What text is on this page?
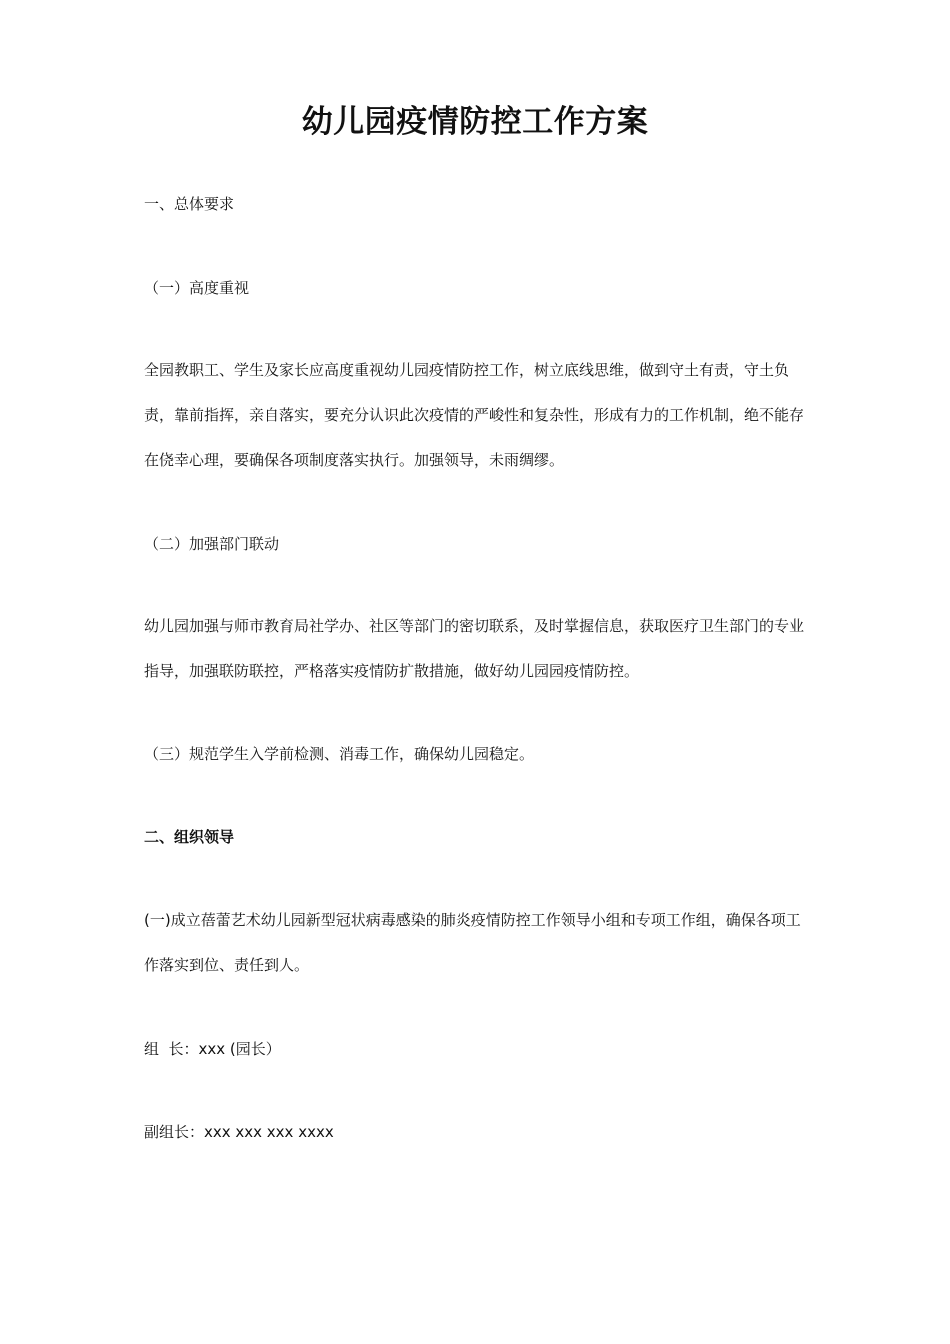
幼儿园疫情防控工作方案
一、总体要求
（一）高度重视
全园教职工、学生及家长应高度重视幼儿园疫情防控工作，树立底线思维，做到守土有责，守土负责，靠前指挥，亲自落实，要充分认识此次疫情的严峻性和复杂性，形成有力的工作机制，绝不能存在侥幸心理，要确保各项制度落实执行。加强领导，未雨绸缪。
（二）加强部门联动
幼儿园加强与师市教育局社学办、社区等部门的密切联系，及时掌握信息，获取医疗卫生部门的专业指导，加强联防联控，严格落实疫情防扩散措施，做好幼儿园园疫情防控。
（三）规范学生入学前检测、消毒工作，确保幼儿园稳定。
二、组织领导
(一)成立蓓蕾艺术幼儿园新型冠状病毒感染的肺炎疫情防控工作领导小组和专项工作组，确保各项工作落实到位、责任到人。
组  长：xxx (园长）
副组长：xxx xxx xxx xxxx
